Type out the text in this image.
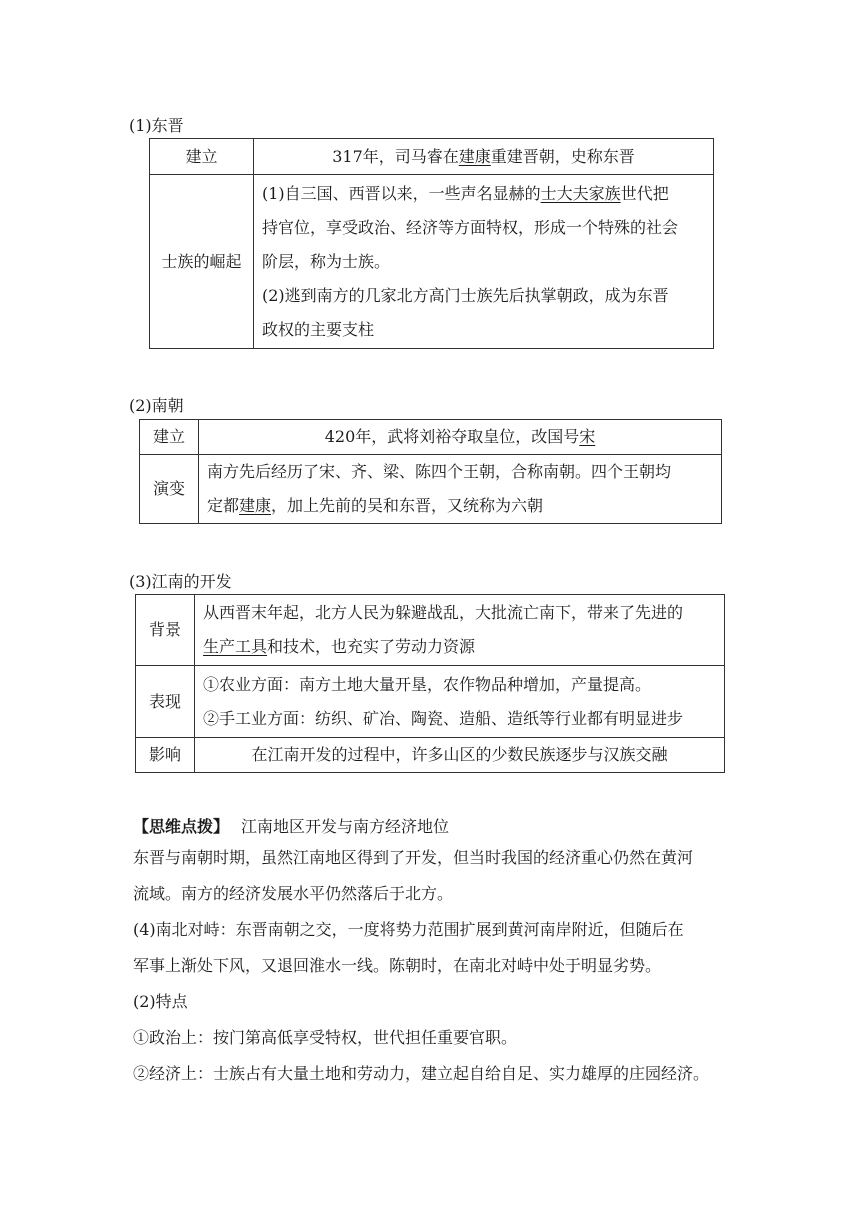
(1)东晋
建立	317年，司马睿在建康重建晋朝，史称东晋
士族的崛起	(1)自三国、西晋以来，一些声名显赫的士大夫家族世代把
持官位，享受政治、经济等方面特权，形成一个特殊的社会
阶层，称为士族。
(2)逃到南方的几家北方高门士族先后执掌朝政，成为东晋
政权的主要支柱
(2)南朝
建立	420年，武将刘裕夺取皇位，改国号宋
演变	南方先后经历了宋、齐、梁、陈四个王朝，合称南朝。四个王朝均
定都建康，加上先前的吴和东晋，又统称为六朝
(3)江南的开发
背景	从西晋末年起，北方人民为躲避战乱，大批流亡南下，带来了先进的
生产工具和技术，也充实了劳动力资源

表现	①农业方面：南方土地大量开垦，农作物品种增加，产量提高。
②手工业方面：纺织、矿冶、陶瓷、造船、造纸等行业都有明显进步

影响	在江南开发的过程中，许多山区的少数民族逐步与汉族交融
【思维点拨】 江南地区开发与南方经济地位
东晋与南朝时期，虽然江南地区得到了开发，但当时我国的经济重心仍然在黄河
流域。南方的经济发展水平仍然落后于北方。
(4)南北对峙：东晋南朝之交，一度将势力范围扩展到黄河南岸附近，但随后在
军事上渐处下风，又退回淮水一线。陈朝时，在南北对峙中处于明显劣势。
(2)特点
①政治上：按门第高低享受特权，世代担任重要官职。
②经济上：士族占有大量土地和劳动力，建立起自给自足、实力雄厚的庄园经济。
